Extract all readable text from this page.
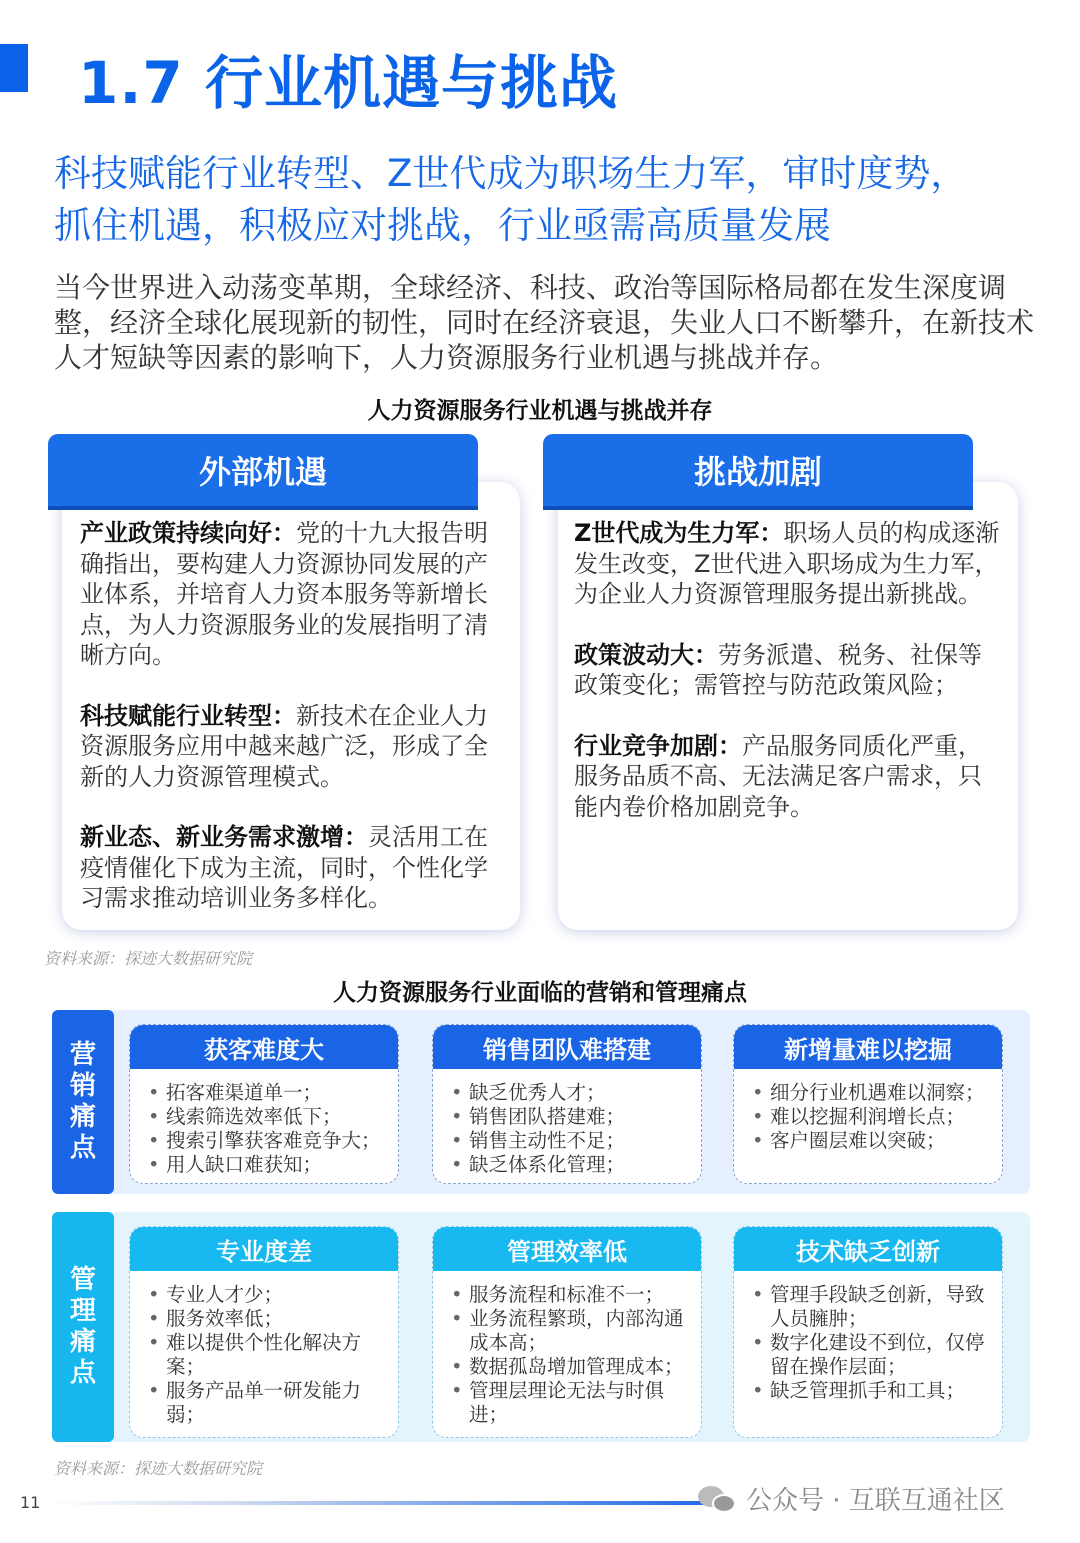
1.7 行业机遇与挑战
科技赋能行业转型、Z世代成为职场生力军，审时度势，
抓住机遇，积极应对挑战，行业亟需高质量发展
当今世界进入动荡变革期，全球经济、科技、政治等国际格局都在发生深度调整，经济全球化展现新的韧性，同时在经济衰退，失业人口不断攀升，在新技术人才短缺等因素的影响下，人力资源服务行业机遇与挑战并存。
人力资源服务行业机遇与挑战并存
外部机遇	挑战加剧
产业政策持续向好：党的十九大报告明确指出，要构建人力资源协同发展的产业体系，并培育人力资本服务等新增长点，为人力资源服务业的发展指明了清晰方向。
科技赋能行业转型：新技术在企业人力资源服务应用中越来越广泛，形成了全新的人力资源管理模式。
新业态、新业务需求激增：灵活用工在疫情催化下成为主流，同时，个性化学习需求推动培训业务多样化。
Z世代成为生力军：职场人员的构成逐渐发生改变，Z世代进入职场成为生力军，为企业人力资源管理服务提出新挑战。
政策波动大：劳务派遣、税务、社保等政策变化；需管控与防范政策风险；
行业竞争加剧：产品服务同质化严重，服务品质不高、无法满足客户需求，只能内卷价格加剧竞争。
资料来源：探迹大数据研究院
人力资源服务行业面临的营销和管理痛点
营
销
痛
点
获客难度大
• 拓客难渠道单一；
• 线索筛选效率低下；
• 搜索引擎获客难竞争大；
• 用人缺口难获知；
销售团队难搭建
• 缺乏优秀人才；
• 销售团队搭建难；
• 销售主动性不足；
• 缺乏体系化管理；
新增量难以挖掘
• 细分行业机遇难以洞察；
• 难以挖掘利润增长点；
• 客户圈层难以突破；
管
理
痛
点
专业度差
• 专业人才少；
• 服务效率低；
• 难以提供个性化解决方案；
• 服务产品单一研发能力弱；
管理效率低
• 服务流程和标准不一；
• 业务流程繁琐，内部沟通成本高；
• 数据孤岛增加管理成本；
• 管理层理论无法与时俱进；
技术缺乏创新
• 管理手段缺乏创新，导致人员臃肿；
• 数字化建设不到位，仅停留在操作层面；
• 缺乏管理抓手和工具；
资料来源：探迹大数据研究院
11	公众号 · 互联互通社区
